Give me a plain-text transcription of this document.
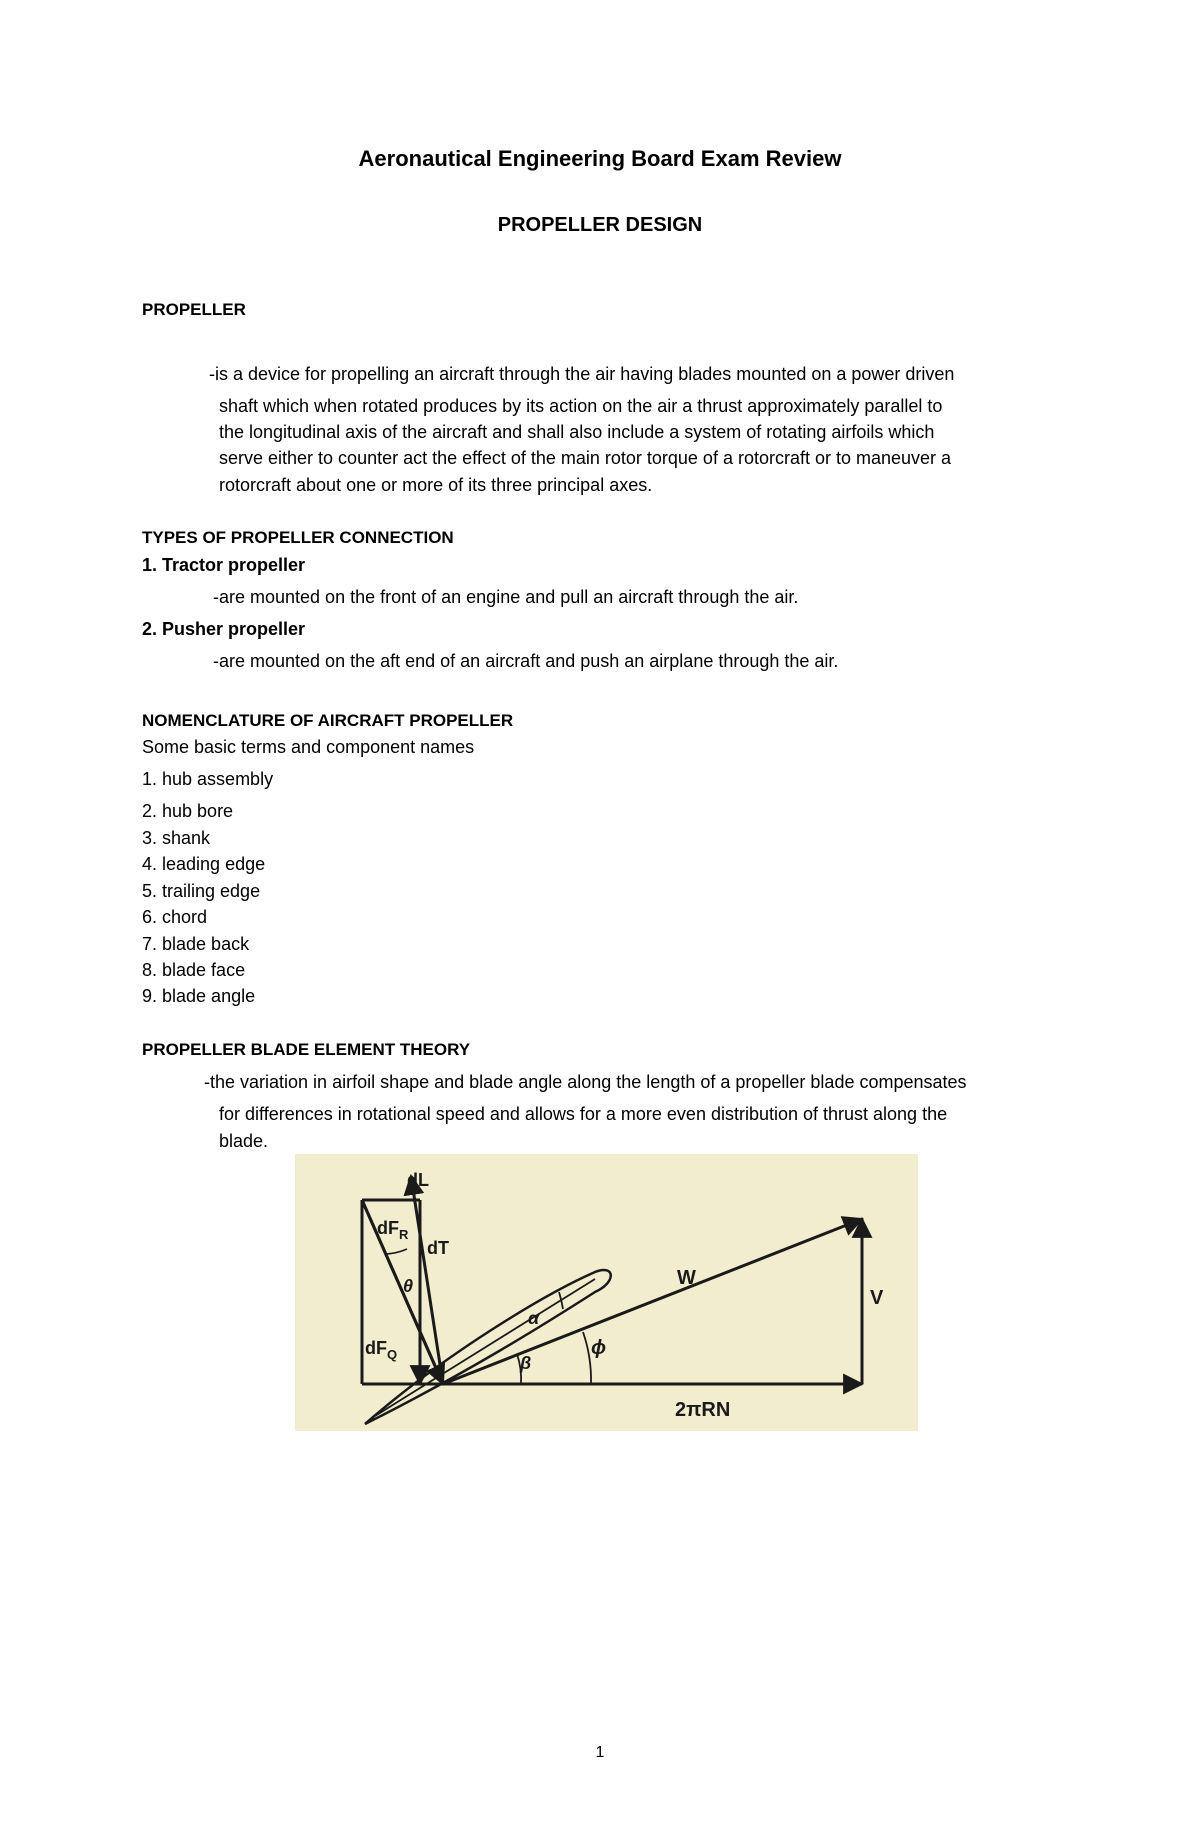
Aeronautical Engineering Board Exam Review
PROPELLER DESIGN
PROPELLER
-is a device for propelling an aircraft through the air having blades mounted on a power driven
shaft which when rotated produces by its action on the air a thrust approximately parallel to
the longitudinal axis of the aircraft and shall also include a system of rotating airfoils which
serve either to counter act the effect of the main rotor torque of a rotorcraft or to maneuver a
rotorcraft about one or more of its three principal axes.
TYPES OF PROPELLER CONNECTION
1. Tractor propeller
-are mounted on the front of an engine and pull an aircraft through the air.
2. Pusher propeller
-are mounted on the aft end of an aircraft and push an airplane through the air.
NOMENCLATURE OF AIRCRAFT PROPELLER
Some basic terms and component names
1. hub assembly
2. hub bore
3. shank
4. leading edge
5. trailing edge
6. chord
7. blade back
8. blade face
9. blade angle
PROPELLER BLADE ELEMENT THEORY
-the variation in airfoil shape and blade angle along the length of a propeller blade compensates
for differences in rotational speed and allows for a more even distribution of thrust along the
blade.
dL
$dF_R$
dT
θ
$dF_Q$
W
V
α
β
ϕ
2πRN
1
